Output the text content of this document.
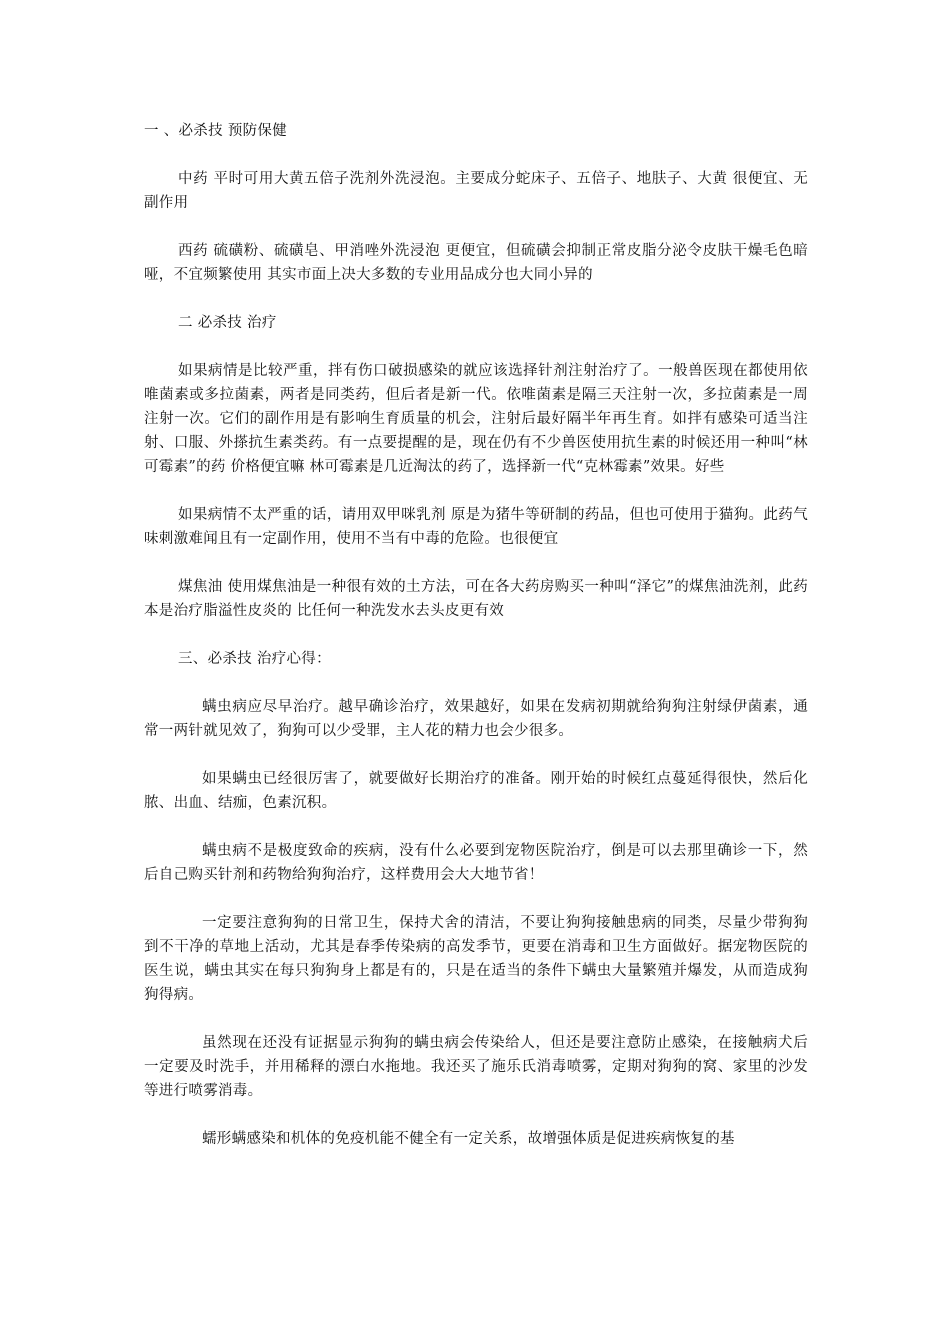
一 、必杀技 预防保健

中药 平时可用大黄五倍子洗剂外洗浸泡。主要成分蛇床子、五倍子、地肤子、大黄 很便宜、无副作用

西药 硫磺粉、硫磺皂、甲消唑外洗浸泡 更便宜，但硫磺会抑制正常皮脂分泌令皮肤干燥毛色暗哑，不宜频繁使用 其实市面上决大多数的专业用品成分也大同小异的

二 必杀技 治疗

如果病情是比较严重，拌有伤口破损感染的就应该选择针剂注射治疗了。一般兽医现在都使用依唯菌素或多拉菌素，两者是同类药，但后者是新一代。依唯菌素是隔三天注射一次，多拉菌素是一周注射一次。它们的副作用是有影响生育质量的机会，注射后最好隔半年再生育。如拌有感染可适当注射、口服、外搽抗生素类药。有一点要提醒的是，现在仍有不少兽医使用抗生素的时候还用一种叫“林可霉素”的药 价格便宜嘛 林可霉素是几近淘汰的药了，选择新一代“克林霉素”效果。好些

如果病情不太严重的话，请用双甲咪乳剂 原是为猪牛等研制的药品，但也可使用于猫狗。此药气味刺激难闻且有一定副作用，使用不当有中毒的危险。也很便宜

煤焦油 使用煤焦油是一种很有效的土方法，可在各大药房购买一种叫“泽它”的煤焦油洗剂，此药本是治疗脂溢性皮炎的 比任何一种洗发水去头皮更有效

三、必杀技 治疗心得：

螨虫病应尽早治疗。越早确诊治疗，效果越好，如果在发病初期就给狗狗注射绿伊菌素，通常一两针就见效了，狗狗可以少受罪，主人花的精力也会少很多。

如果螨虫已经很厉害了，就要做好长期治疗的准备。刚开始的时候红点蔓延得很快，然后化脓、出血、结痂，色素沉积。

螨虫病不是极度致命的疾病，没有什么必要到宠物医院治疗，倒是可以去那里确诊一下，然后自己购买针剂和药物给狗狗治疗，这样费用会大大地节省！

一定要注意狗狗的日常卫生，保持犬舍的清洁，不要让狗狗接触患病的同类，尽量少带狗狗到不干净的草地上活动，尤其是春季传染病的高发季节，更要在消毒和卫生方面做好。据宠物医院的医生说，螨虫其实在每只狗狗身上都是有的，只是在适当的条件下螨虫大量繁殖并爆发，从而造成狗狗得病。

虽然现在还没有证据显示狗狗的螨虫病会传染给人，但还是要注意防止感染，在接触病犬后一定要及时洗手，并用稀释的漂白水拖地。我还买了施乐氏消毒喷雾，定期对狗狗的窝、家里的沙发等进行喷雾消毒。

蠕形螨感染和机体的免疫机能不健全有一定关系，故增强体质是促进疾病恢复的基
